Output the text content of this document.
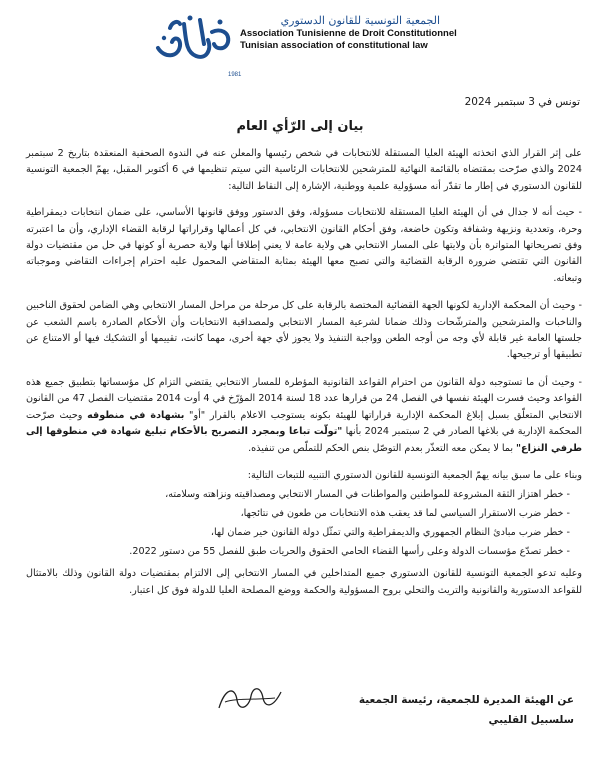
1981
الجمعية التونسية للقانون الدستوري
Association Tunisienne de Droit Constitutionnel
Tunisian association of constitutional law
تونس في 3 سبتمبر 2024
بيان إلى الرّأي العام

على إثر القرار الذي اتخذته الهيئة العليا المستقلة للانتخابات في شخص رئيسها والمعلن عنه في الندوة الصحفية المنعقدة بتاريخ 2 سبتمبر 2024 والذي صرّحت بمقتضاه بالقائمة النهائية للمترشحين للانتخابات الرئاسية التي سيتم تنظيمها في 6 أكتوبر المقبل، يهمّ الجمعية التونسية للقانون الدستوري في إطار ما تقدّر أنه مسؤولية علمية ووطنية، الإشارة إلى النقاط التالية:

- حيث أنه لا جدال في أن الهيئة العليا المستقلة للانتخابات مسؤولة، وفق الدستور ووفق قانونها الأساسي، على ضمان انتخابات ديمقراطية وحرة، وتعددية ونزيهة وشفافة وتكون خاضعة، وفق أحكام القانون الانتخابي، في كل أعمالها وقراراتها لرقابة القضاء الإداري، وأن ما اعتبرته وفق تصريحاتها المتواترة بأن ولايتها على المسار الانتخابي هي ولاية عامة لا يعني إطلاقا أنها ولاية حصرية أو كونها في حل من مقتضيات دولة القانون التي تقتضي ضرورة الرقابة القضائية والتي تصبح معها الهيئة بمثابة المتقاضي المحمول عليه احترام إجراءات التقاضي وموجباته وتبعاته.

- وحيث أن المحكمة الإدارية لكونها الجهة القضائية المختصة بالرقابة على كل مرحلة من مراحل المسار الانتخابي وهي الضامن لحقوق الناخبين والناخبات والمترشحين والمترشّحات وذلك ضمانا لشرعية المسار الانتخابي ولمصداقية الانتخابات وأن الأحكام الصادرة باسم الشعب عن جلستها العامة غير قابلة لأي وجه من أوجه الطعن وواجبة التنفيذ ولا يجوز لأي جهة أخرى، مهما كانت، تقييمها أو التشكيك فيها أو الامتناع عن تطبيقها أو ترجيحها.

- وحيث أن ما تستوجبه دولة القانون من احترام القواعد القانونية المؤطرة للمسار الانتخابي يقتضي التزام كل مؤسساتها بتطبيق جميع هذه القواعد وحيث فسرت الهيئة نفسها في الفصل 24 من قرارها عدد 18 لسنة 2014 المؤرّخ في 4 أوت 2014 مقتضيات الفصل 47 من القانون الانتخابي المتعلّق بسبل إبلاغ المحكمة الإدارية قراراتها للهيئة بكونه يستوجب الاعلام بالقرار "أو" بشهادة في منطوقه وحيث صرّحت المحكمة الإدارية في بلاغها الصادر في 2 سبتمبر 2024 بأنها "تولّت تباعا وبمجرد التصريح بالأحكام تبليغ شهادة في منطوقها إلى طرفي النزاع" بما لا يمكن معه التعذّر بعدم التوصّل بنص الحكم للتملّص من تنفيذه.

وبناء على ما سبق بيانه يهمّ الجمعية التونسية للقانون الدستوري التنبيه للتبعات التالية:

- خطر اهتزاز الثقة المشروعة للمواطنين والمواطنات في المسار الانتخابي ومصداقيته ونزاهته وسلامته،

- خطر ضرب الاستقرار السياسي لما قد يعقب هذه الانتخابات من طعون في نتائجها،

- خطر ضرب مبادئ النظام الجمهوري والديمقراطية والتي تمثّل دولة القانون خير ضمان لها،

- خطر تصدّع مؤسسات الدولة وعلى رأسها القضاء الحامي الحقوق والحريات طبق للفصل 55 من دستور 2022.

وعليه تدعو الجمعية التونسية للقانون الدستوري جميع المتداخلين في المسار الانتخابي إلى الالتزام بمقتضيات دولة القانون وذلك بالامتثال للقواعد الدستورية والقانونية والتريث والتحلي بروح المسؤولية والحكمة ووضع المصلحة العليا للدولة فوق كل اعتبار.

عن الهيئة المديرة للجمعية، رئيسة الجمعية
سلسبيل القليبي
